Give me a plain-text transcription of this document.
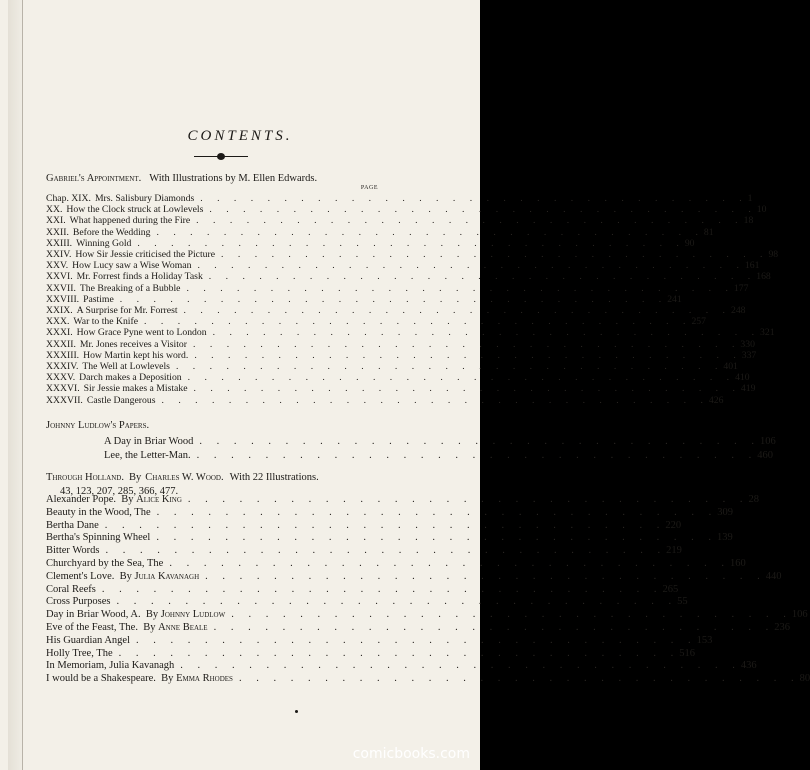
CONTENTS.
Gabriel's Appointment. With Illustrations by M. Ellen Edwards.
PAGE
Chap. XIX. Mrs. Salisbury Diamonds . . . . . . . . . . . . . . . . . . . . . . . . . . . . . . . . . 1
XX. How the Clock struck at Lowlevels . . . . . . . . . . . . . . . . . . . . . . . . . . . . . . . . . 10
XXI. What happened during the Fire . . . . . . . . . . . . . . . . . . . . . . . . . . . . . . . . . 18
XXII. Before the Wedding . . . . . . . . . . . . . . . . . . . . . . . . . . . . . . . . . 81
XXIII. Winning Gold . . . . . . . . . . . . . . . . . . . . . . . . . . . . . . . . . 90
XXIV. How Sir Jessie criticised the Picture . . . . . . . . . . . . . . . . . . . . . . . . . . . . . . . . . 98
XXV. How Lucy saw a Wise Woman . . . . . . . . . . . . . . . . . . . . . . . . . . . . . . . . . 161
XXVI. Mr. Forrest finds a Holiday Task . . . . . . . . . . . . . . . . . . . . . . . . . . . . . . . . . 168
XXVII. The Breaking of a Bubble . . . . . . . . . . . . . . . . . . . . . . . . . . . . . . . . . 177
XXVIII. Pastime . . . . . . . . . . . . . . . . . . . . . . . . . . . . . . . . . 241
XXIX. A Surprise for Mr. Forrest . . . . . . . . . . . . . . . . . . . . . . . . . . . . . . . . . 248
XXX. War to the Knife . . . . . . . . . . . . . . . . . . . . . . . . . . . . . . . . . 257
XXXI. How Grace Pyne went to London . . . . . . . . . . . . . . . . . . . . . . . . . . . . . . . . . 321
XXXII. Mr. Jones receives a Visitor . . . . . . . . . . . . . . . . . . . . . . . . . . . . . . . . . 330
XXXIII. How Martin kept his word. . . . . . . . . . . . . . . . . . . . . . . . . . . . . . . . . . 337
XXXIV. The Well at Lowlevels . . . . . . . . . . . . . . . . . . . . . . . . . . . . . . . . . 401
XXXV. Darch makes a Deposition . . . . . . . . . . . . . . . . . . . . . . . . . . . . . . . . . 410
XXXVI. Sir Jessie makes a Mistake . . . . . . . . . . . . . . . . . . . . . . . . . . . . . . . . . 419
XXXVII. Castle Dangerous . . . . . . . . . . . . . . . . . . . . . . . . . . . . . . . . . 426
Johnny Ludlow's Papers.
A Day in Briar Wood . . . . . . . . . . . . . . . . . . . . . . . . . . . . . . . . . 106
Lee, the Letter-Man. . . . . . . . . . . . . . . . . . . . . . . . . . . . . . . . . . 460
Through Holland. By Charles W. Wood. With 22 Illustrations.
43, 123, 207, 285, 366, 477.
Alexander Pope. By Alice King . . . . . . . . . . . . . . . . . . . . . . . . . . . . . . . . . 28
Beauty in the Wood, The . . . . . . . . . . . . . . . . . . . . . . . . . . . . . . . . . 309
Bertha Dane . . . . . . . . . . . . . . . . . . . . . . . . . . . . . . . . . 220
Bertha's Spinning Wheel . . . . . . . . . . . . . . . . . . . . . . . . . . . . . . . . . 139
Bitter Words . . . . . . . . . . . . . . . . . . . . . . . . . . . . . . . . . 219
Churchyard by the Sea, The . . . . . . . . . . . . . . . . . . . . . . . . . . . . . . . . . 160
Clement's Love. By Julia Kavanagh . . . . . . . . . . . . . . . . . . . . . . . . . . . . . . . . . 440
Coral Reefs . . . . . . . . . . . . . . . . . . . . . . . . . . . . . . . . . 265
Cross Purposes . . . . . . . . . . . . . . . . . . . . . . . . . . . . . . . . . 55
Day in Briar Wood, A. By Johnny Ludlow . . . . . . . . . . . . . . . . . . . . . . . . . . . . . . . . . 106
Eve of the Feast, The. By Anne Beale . . . . . . . . . . . . . . . . . . . . . . . . . . . . . . . . . 236
His Guardian Angel . . . . . . . . . . . . . . . . . . . . . . . . . . . . . . . . . 153
Holly Tree, The . . . . . . . . . . . . . . . . . . . . . . . . . . . . . . . . . 516
In Memoriam, Julia Kavanagh . . . . . . . . . . . . . . . . . . . . . . . . . . . . . . . . . 436
I would be a Shakespeare. By Emma Rhodes . . . . . . . . . . . . . . . . . . . . . . . . . . . . . . . . . 80
comicbooks.com
